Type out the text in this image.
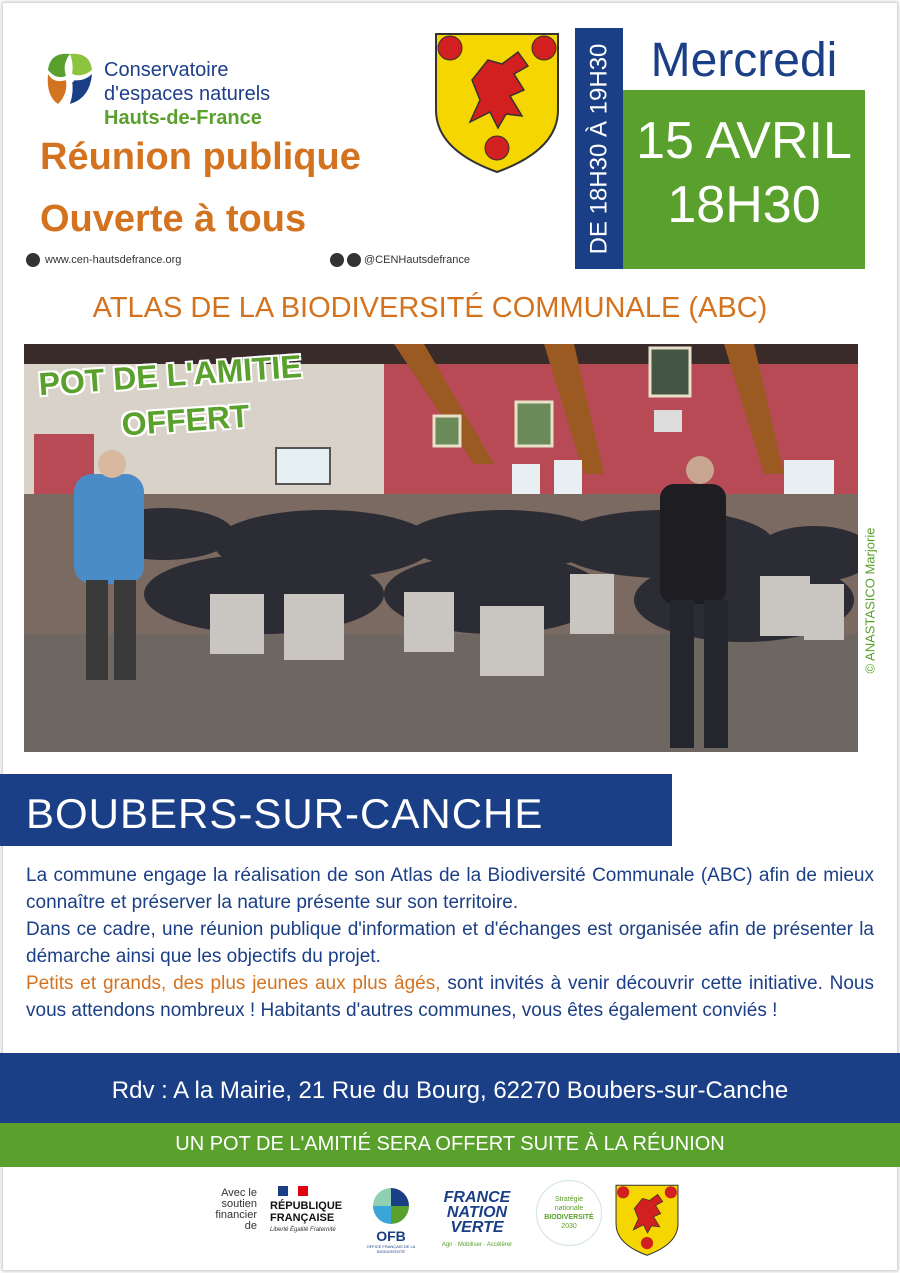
Conservatoire
d'espaces naturels
Hauts-de-France
Réunion publique
Ouverte à tous
www.cen-hautsdefrance.org	@CENHautsdefrance
DE 18H30 À 19H30 Mercredi
15 AVRIL
18H30
ATLAS DE LA BIODIVERSITÉ COMMUNALE (ABC)
POT DE L'AMITIE
OFFERT
© ANASTASICO Marjorie
BOUBERS-SUR-CANCHE
La commune engage la réalisation de son Atlas de la Biodiversité Communale (ABC) afin de mieux connaître et préserver la nature présente sur son territoire.
Dans ce cadre, une réunion publique d'information et d'échanges est organisée afin de présenter la démarche ainsi que les objectifs du projet.
Petits et grands, des plus jeunes aux plus âgés, sont invités à venir découvrir cette initiative. Nous vous attendons nombreux ! Habitants d'autres communes, vous êtes également conviés !
Rdv : A la Mairie, 21 Rue du Bourg, 62270 Boubers-sur-Canche
UN POT DE L'AMITIÉ SERA OFFERT SUITE À LA RÉUNION
Avec le soutien financier de
RÉPUBLIQUE
FRANÇAISE
Liberté Égalité Fraternité	OFB
OFFICE FRANÇAIS DE LA BIODIVERSITÉ
FRANCE
NATION
VERTE
Agir · Mobiliser · Accélérer
Stratégie
nationale
BIODIVERSITÉ
2030
